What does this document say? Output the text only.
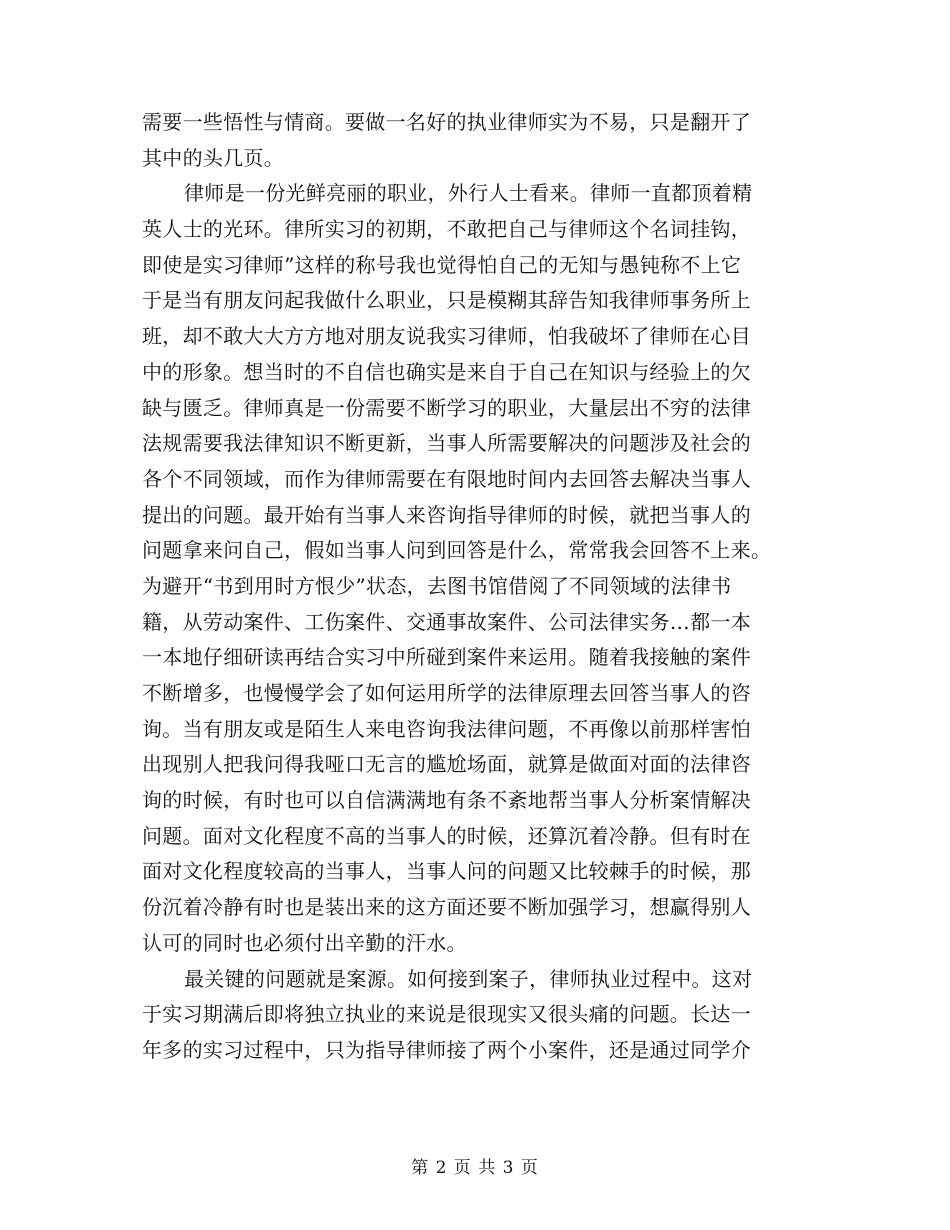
需要一些悟性与情商。要做一名好的执业律师实为不易，只是翻开了
其中的头几页。
律师是一份光鲜亮丽的职业，外行人士看来。律师一直都顶着精
英人士的光环。律所实习的初期，不敢把自己与律师这个名词挂钩，
即使是实习律师”这样的称号我也觉得怕自己的无知与愚钝称不上它
于是当有朋友问起我做什么职业，只是模糊其辞告知我律师事务所上
班，却不敢大大方方地对朋友说我实习律师，怕我破坏了律师在心目
中的形象。想当时的不自信也确实是来自于自己在知识与经验上的欠
缺与匮乏。律师真是一份需要不断学习的职业，大量层出不穷的法律
法规需要我法律知识不断更新，当事人所需要解决的问题涉及社会的
各个不同领域，而作为律师需要在有限地时间内去回答去解决当事人
提出的问题。最开始有当事人来咨询指导律师的时候，就把当事人的
问题拿来问自己，假如当事人问到回答是什么，常常我会回答不上来。
为避开“书到用时方恨少”状态，去图书馆借阅了不同领域的法律书
籍，从劳动案件、工伤案件、交通事故案件、公司法律实务…都一本
一本地仔细研读再结合实习中所碰到案件来运用。随着我接触的案件
不断增多，也慢慢学会了如何运用所学的法律原理去回答当事人的咨
询。当有朋友或是陌生人来电咨询我法律问题，不再像以前那样害怕
出现别人把我问得我哑口无言的尴尬场面，就算是做面对面的法律咨
询的时候，有时也可以自信满满地有条不紊地帮当事人分析案情解决
问题。面对文化程度不高的当事人的时候，还算沉着冷静。但有时在
面对文化程度较高的当事人，当事人问的问题又比较棘手的时候，那
份沉着冷静有时也是装出来的这方面还要不断加强学习，想赢得别人
认可的同时也必须付出辛勤的汗水。
最关键的问题就是案源。如何接到案子，律师执业过程中。这对
于实习期满后即将独立执业的来说是很现实又很头痛的问题。长达一
年多的实习过程中，只为指导律师接了两个小案件，还是通过同学介
第 2 页 共 3 页
